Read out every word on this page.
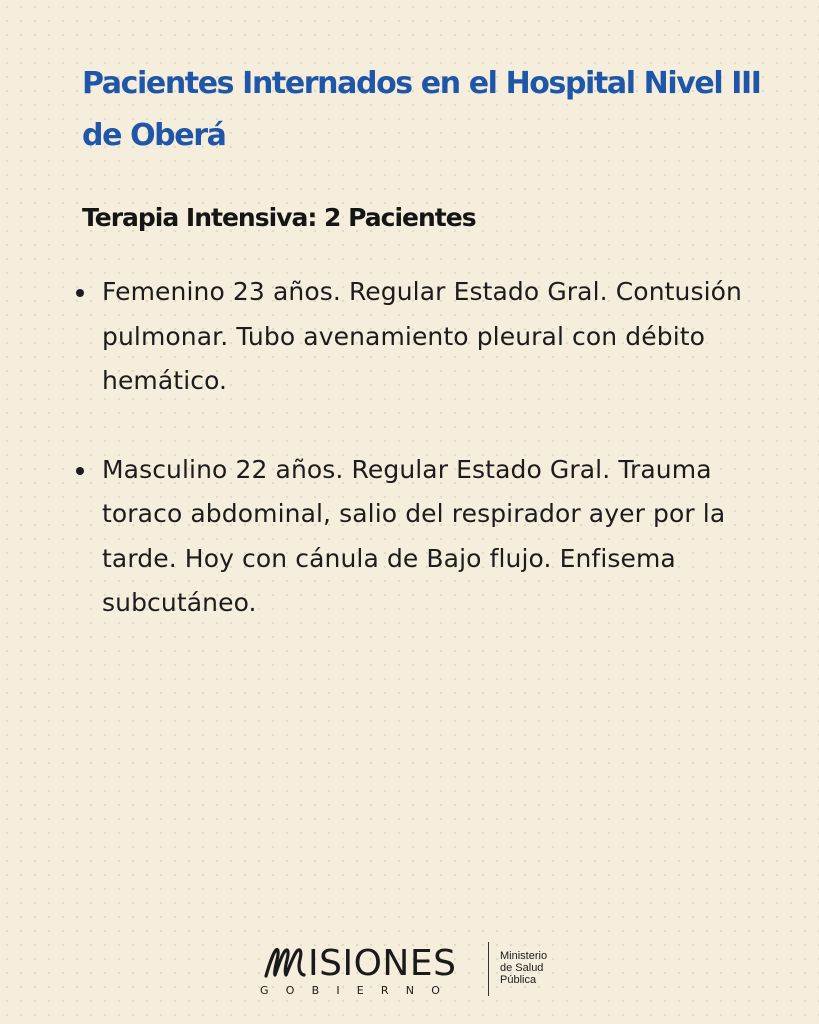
Pacientes Internados en el Hospital Nivel III de Oberá
Terapia Intensiva: 2 Pacientes
Femenino 23 años. Regular Estado Gral. Contusión pulmonar. Tubo avenamiento pleural con débito hemático.
Masculino 22 años. Regular Estado Gral. Trauma toraco abdominal, salio del respirador ayer por la tarde. Hoy con cánula de Bajo flujo. Enfisema subcutáneo.
ISIONES
GOBIERNO
Ministerio
de Salud
Pública
